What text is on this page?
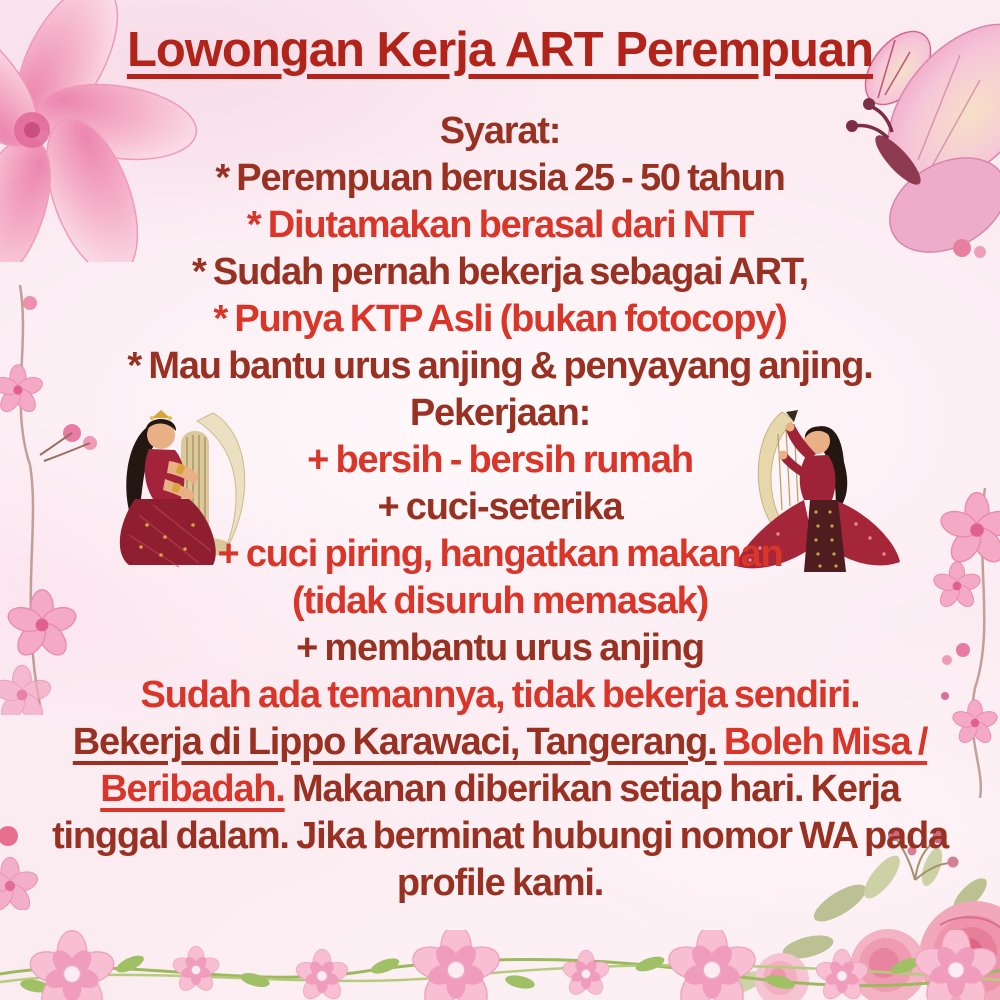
Lowongan Kerja ART Perempuan
Syarat:
* Perempuan berusia 25 - 50 tahun
* Diutamakan berasal dari NTT
* Sudah pernah bekerja sebagai ART,
* Punya KTP Asli (bukan fotocopy)
* Mau bantu urus anjing & penyayang anjing.
Pekerjaan:
+ bersih - bersih rumah
+ cuci-seterika
+ cuci piring, hangatkan makanan
(tidak disuruh memasak)
+ membantu urus anjing
Sudah ada temannya, tidak bekerja sendiri.
Bekerja di Lippo Karawaci, Tangerang. Boleh Misa / Beribadah. Makanan diberikan setiap hari. Kerja tinggal dalam. Jika berminat hubungi nomor WA pada profile kami.
